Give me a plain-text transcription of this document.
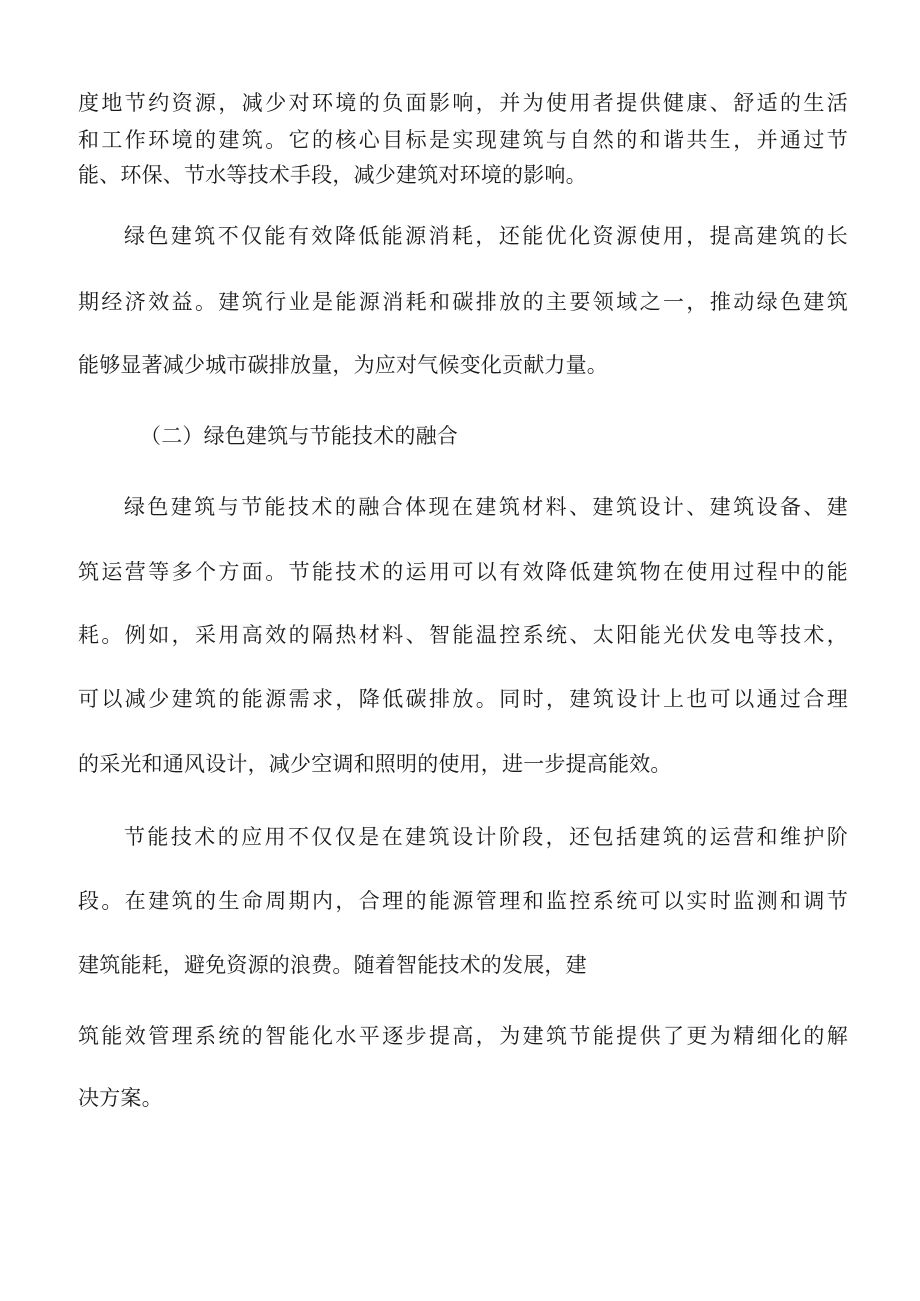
度地节约资源，减少对环境的负面影响，并为使用者提供健康、舒适的生活
和工作环境的建筑。它的核心目标是实现建筑与自然的和谐共生，并通过节
能、环保、节水等技术手段，减少建筑对环境的影响。
绿色建筑不仅能有效降低能源消耗，还能优化资源使用，提高建筑的长
期经济效益。建筑行业是能源消耗和碳排放的主要领域之一，推动绿色建筑
能够显著减少城市碳排放量，为应对气候变化贡献力量。
（二）绿色建筑与节能技术的融合
绿色建筑与节能技术的融合体现在建筑材料、建筑设计、建筑设备、建
筑运营等多个方面。节能技术的运用可以有效降低建筑物在使用过程中的能
耗。例如，采用高效的隔热材料、智能温控系统、太阳能光伏发电等技术，
可以减少建筑的能源需求，降低碳排放。同时，建筑设计上也可以通过合理
的采光和通风设计，减少空调和照明的使用，进一步提高能效。
节能技术的应用不仅仅是在建筑设计阶段，还包括建筑的运营和维护阶
段。在建筑的生命周期内，合理的能源管理和监控系统可以实时监测和调节
建筑能耗，避免资源的浪费。随着智能技术的发展，建
筑能效管理系统的智能化水平逐步提高，为建筑节能提供了更为精细化的解
决方案。
